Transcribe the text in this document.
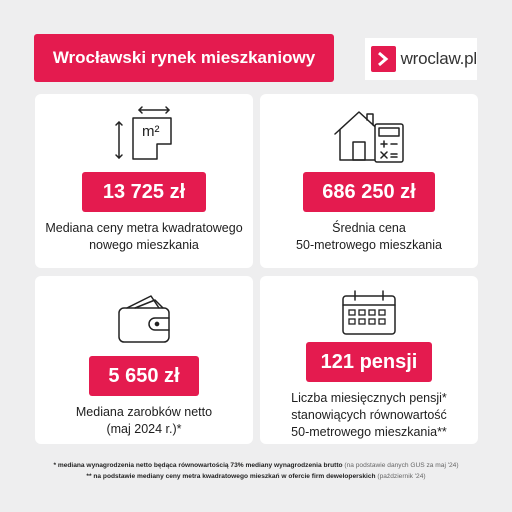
Wrocławski rynek mieszkaniowy	wroclaw.pl
m²
13 725 zł
Mediana ceny metra kwadratowego
nowego mieszkania
686 250 zł
Średnia cena
50-metrowego mieszkania
5 650 zł
Mediana zarobków netto
(maj 2024 r.)*
121 pensji
Liczba miesięcznych pensji*
stanowiących równowartość
50-metrowego mieszkania**
* mediana wynagrodzenia netto będąca równowartością 73% mediany wynagrodzenia brutto (na podstawie danych GUS za maj '24)
** na podstawie mediany ceny metra kwadratowego mieszkań w ofercie firm deweloperskich (październik '24)
